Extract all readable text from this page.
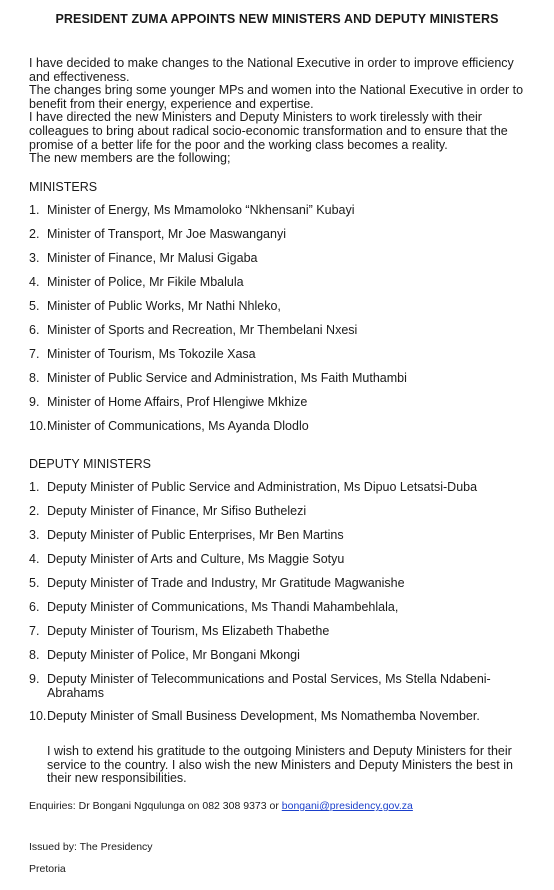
PRESIDENT ZUMA APPOINTS NEW MINISTERS AND DEPUTY MINISTERS

I have decided to make changes to the National Executive in order to improve efficiency and effectiveness.

The changes bring some younger MPs and women into the National Executive in order to benefit from their energy, experience and expertise.

I have directed the new Ministers and Deputy Ministers to work tirelessly with their colleagues to bring about radical socio-economic transformation and to ensure that the promise of a better life for the poor and the working class becomes a reality.

The new members are the following;

MINISTERS
1. Minister of Energy, Ms Mmamoloko “Nkhensani” Kubayi
2. Minister of Transport, Mr Joe Maswanganyi
3. Minister of Finance, Mr Malusi Gigaba
4. Minister of Police, Mr Fikile Mbalula
5. Minister of Public Works, Mr Nathi Nhleko,
6. Minister of Sports and Recreation, Mr Thembelani Nxesi
7. Minister of Tourism, Ms Tokozile Xasa
8. Minister of Public Service and Administration, Ms Faith Muthambi
9. Minister of Home Affairs, Prof Hlengiwe Mkhize
10. Minister of Communications, Ms Ayanda Dlodlo
DEPUTY MINISTERS
1. Deputy Minister of Public Service and Administration, Ms Dipuo Letsatsi-Duba
2. Deputy Minister of Finance, Mr Sifiso Buthelezi
3. Deputy Minister of Public Enterprises, Mr Ben Martins
4. Deputy Minister of Arts and Culture, Ms Maggie Sotyu
5. Deputy Minister of Trade and Industry, Mr Gratitude Magwanishe
6. Deputy Minister of Communications, Ms Thandi Mahambehlala,
7. Deputy Minister of Tourism, Ms Elizabeth Thabethe
8. Deputy Minister of Police, Mr Bongani Mkongi
9. Deputy Minister of Telecommunications and Postal Services, Ms Stella Ndabeni-Abrahams
10. Deputy Minister of Small Business Development, Ms Nomathemba November.

I wish to extend his gratitude to the outgoing Ministers and Deputy Ministers for their service to the country. I also wish the new Ministers and Deputy Ministers the best in their new responsibilities.

Enquiries: Dr Bongani Ngqulunga on 082 308 9373 or bongani@presidency.gov.za
Issued by: The Presidency
Pretoria
